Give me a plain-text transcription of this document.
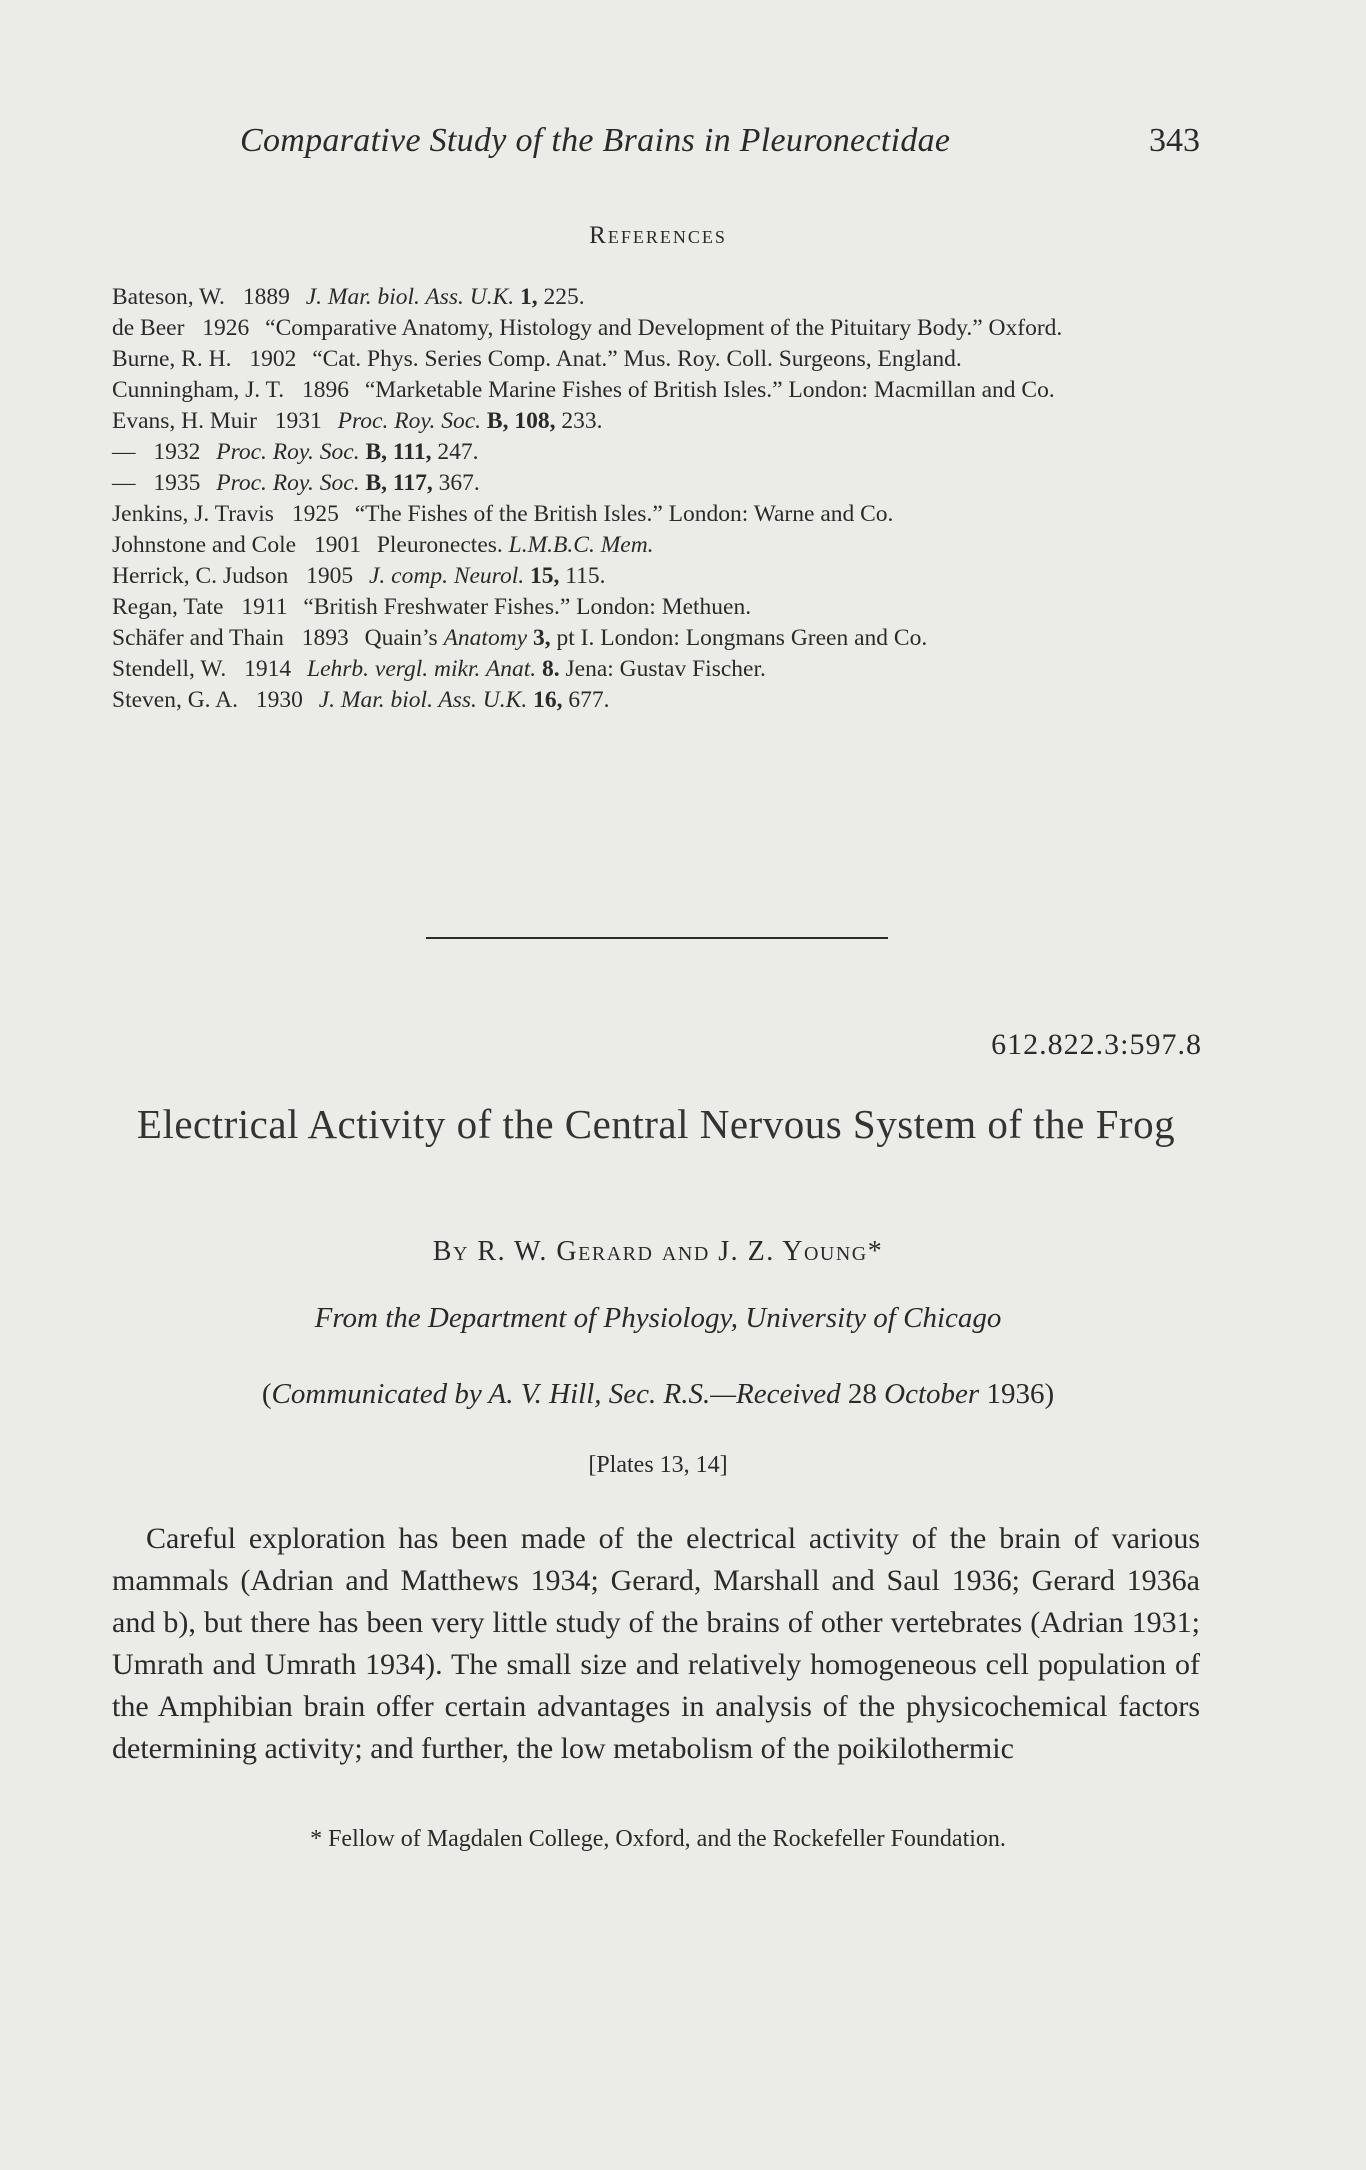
Comparative Study of the Brains in Pleuronectidae	343
References
Bateson, W. 1889 J. Mar. biol. Ass. U.K. 1, 225.
de Beer 1926 “Comparative Anatomy, Histology and Development of the Pituitary Body.” Oxford.
Burne, R. H. 1902 “Cat. Phys. Series Comp. Anat.” Mus. Roy. Coll. Surgeons, England.
Cunningham, J. T. 1896 “Marketable Marine Fishes of British Isles.” London: Macmillan and Co.
Evans, H. Muir 1931 Proc. Roy. Soc. B, 108, 233.
— 1932 Proc. Roy. Soc. B, 111, 247.
— 1935 Proc. Roy. Soc. B, 117, 367.
Jenkins, J. Travis 1925 “The Fishes of the British Isles.” London: Warne and Co.
Johnstone and Cole 1901 Pleuronectes. L.M.B.C. Mem.
Herrick, C. Judson 1905 J. comp. Neurol. 15, 115.
Regan, Tate 1911 “British Freshwater Fishes.” London: Methuen.
Schäfer and Thain 1893 Quain’s Anatomy 3, pt I. London: Longmans Green and Co.
Stendell, W. 1914 Lehrb. vergl. mikr. Anat. 8. Jena: Gustav Fischer.
Steven, G. A. 1930 J. Mar. biol. Ass. U.K. 16, 677.
612.822.3:597.8
Electrical Activity of the Central Nervous System of the Frog
By R. W. Gerard and J. Z. Young*
From the Department of Physiology, University of Chicago
(Communicated by A. V. Hill, Sec. R.S.—Received 28 October 1936)
[Plates 13, 14]

Careful exploration has been made of the electrical activity of the brain of various mammals (Adrian and Matthews 1934; Gerard, Marshall and Saul 1936; Gerard 1936a and b), but there has been very little study of the brains of other vertebrates (Adrian 1931; Umrath and Umrath 1934). The small size and relatively homogeneous cell population of the Amphibian brain offer certain advantages in analysis of the physicochemical factors determining activity; and further, the low metabolism of the poikilothermic

* Fellow of Magdalen College, Oxford, and the Rockefeller Foundation.
